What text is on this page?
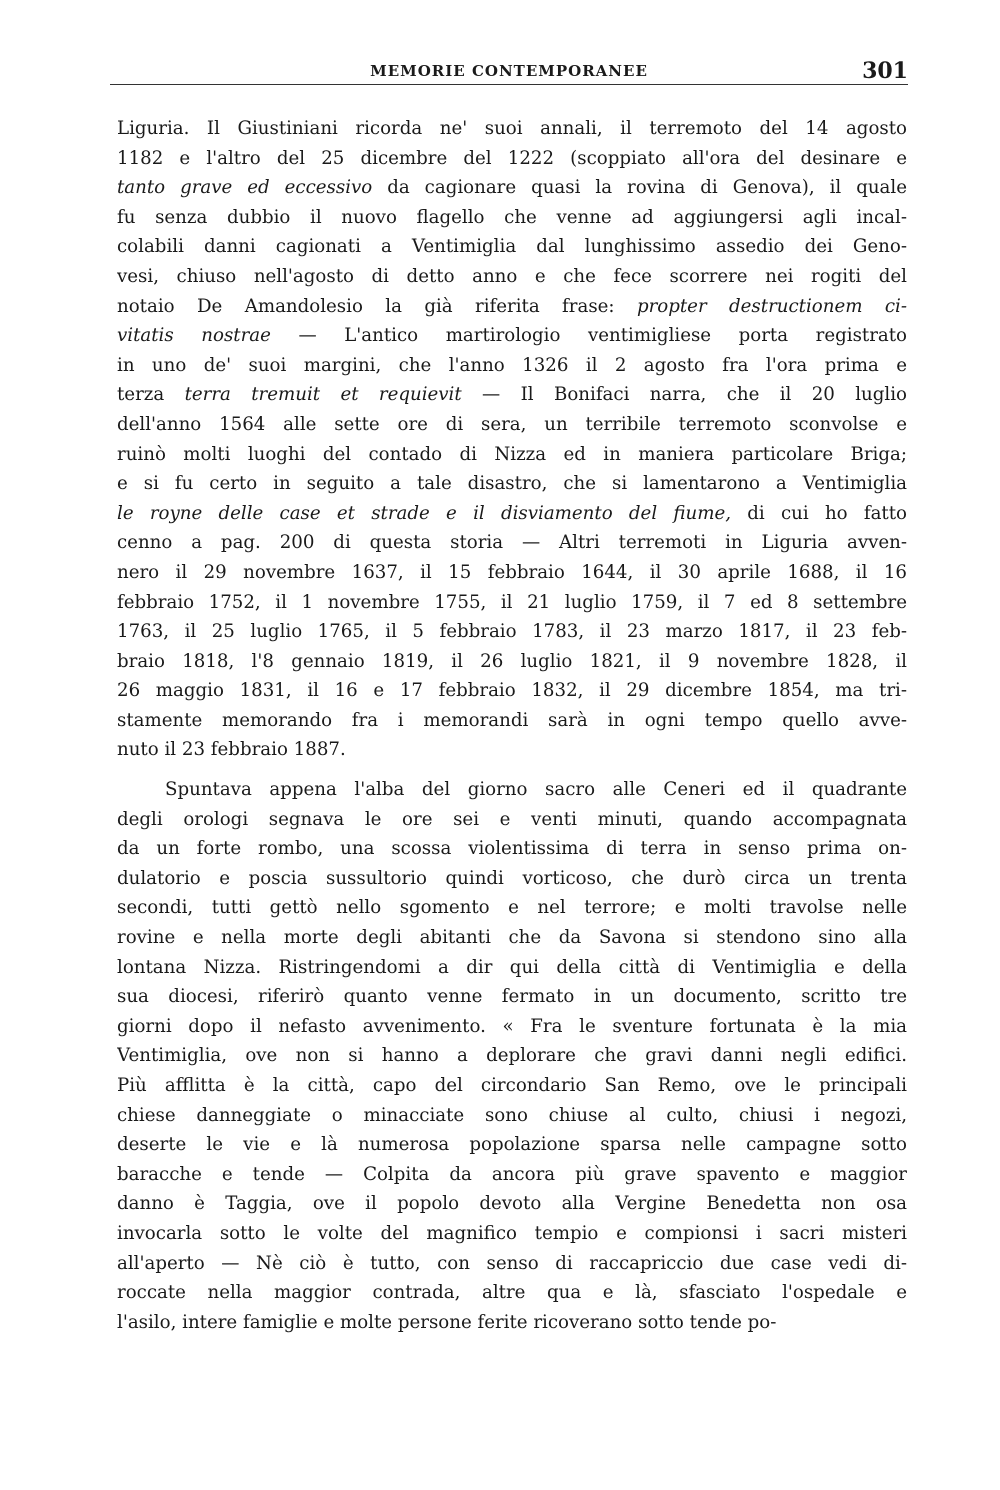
MEMORIE CONTEMPORANEE	301
Liguria. Il Giustiniani ricorda ne' suoi annali, il terremoto del 14 agosto
1182 e l'altro del 25 dicembre del 1222 (scoppiato all'ora del desinare e
tanto grave ed eccessivo da cagionare quasi la rovina di Genova), il quale
fu senza dubbio il nuovo flagello che venne ad aggiungersi agli incal-
colabili danni cagionati a Ventimiglia dal lunghissimo assedio dei Geno-
vesi, chiuso nell'agosto di detto anno e che fece scorrere nei rogiti del
notaio De Amandolesio la già riferita frase: propter destructionem ci-
vitatis nostrae — L'antico martirologio ventimigliese porta registrato
in uno de' suoi margini, che l'anno 1326 il 2 agosto fra l'ora prima e
terza terra tremuit et requievit — Il Bonifaci narra, che il 20 luglio
dell'anno 1564 alle sette ore di sera, un terribile terremoto sconvolse e
ruinò molti luoghi del contado di Nizza ed in maniera particolare Briga;
e si fu certo in seguito a tale disastro, che si lamentarono a Ventimiglia
le royne delle case et strade e il disviamento del fiume, di cui ho fatto
cenno a pag. 200 di questa storia — Altri terremoti in Liguria avven-
nero il 29 novembre 1637, il 15 febbraio 1644, il 30 aprile 1688, il 16
febbraio 1752, il 1 novembre 1755, il 21 luglio 1759, il 7 ed 8 settembre
1763, il 25 luglio 1765, il 5 febbraio 1783, il 23 marzo 1817, il 23 feb-
braio 1818, l'8 gennaio 1819, il 26 luglio 1821, il 9 novembre 1828, il
26 maggio 1831, il 16 e 17 febbraio 1832, il 29 dicembre 1854, ma tri-
stamente memorando fra i memorandi sarà in ogni tempo quello avve-
nuto il 23 febbraio 1887.
Spuntava appena l'alba del giorno sacro alle Ceneri ed il quadrante
degli orologi segnava le ore sei e venti minuti, quando accompagnata
da un forte rombo, una scossa violentissima di terra in senso prima on-
dulatorio e poscia sussultorio quindi vorticoso, che durò circa un trenta
secondi, tutti gettò nello sgomento e nel terrore; e molti travolse nelle
rovine e nella morte degli abitanti che da Savona si stendono sino alla
lontana Nizza. Ristringendomi a dir qui della città di Ventimiglia e della
sua diocesi, riferirò quanto venne fermato in un documento, scritto tre
giorni dopo il nefasto avvenimento. « Fra le sventure fortunata è la mia
Ventimiglia, ove non si hanno a deplorare che gravi danni negli edifici.
Più afflitta è la città, capo del circondario San Remo, ove le principali
chiese danneggiate o minacciate sono chiuse al culto, chiusi i negozi,
deserte le vie e là numerosa popolazione sparsa nelle campagne sotto
baracche e tende — Colpita da ancora più grave spavento e maggior
danno è Taggia, ove il popolo devoto alla Vergine Benedetta non osa
invocarla sotto le volte del magnifico tempio e compionsi i sacri misteri
all'aperto — Nè ciò è tutto, con senso di raccapriccio due case vedi di-
roccate nella maggior contrada, altre qua e là, sfasciato l'ospedale e
l'asilo, intere famiglie e molte persone ferite ricoverano sotto tende po-
